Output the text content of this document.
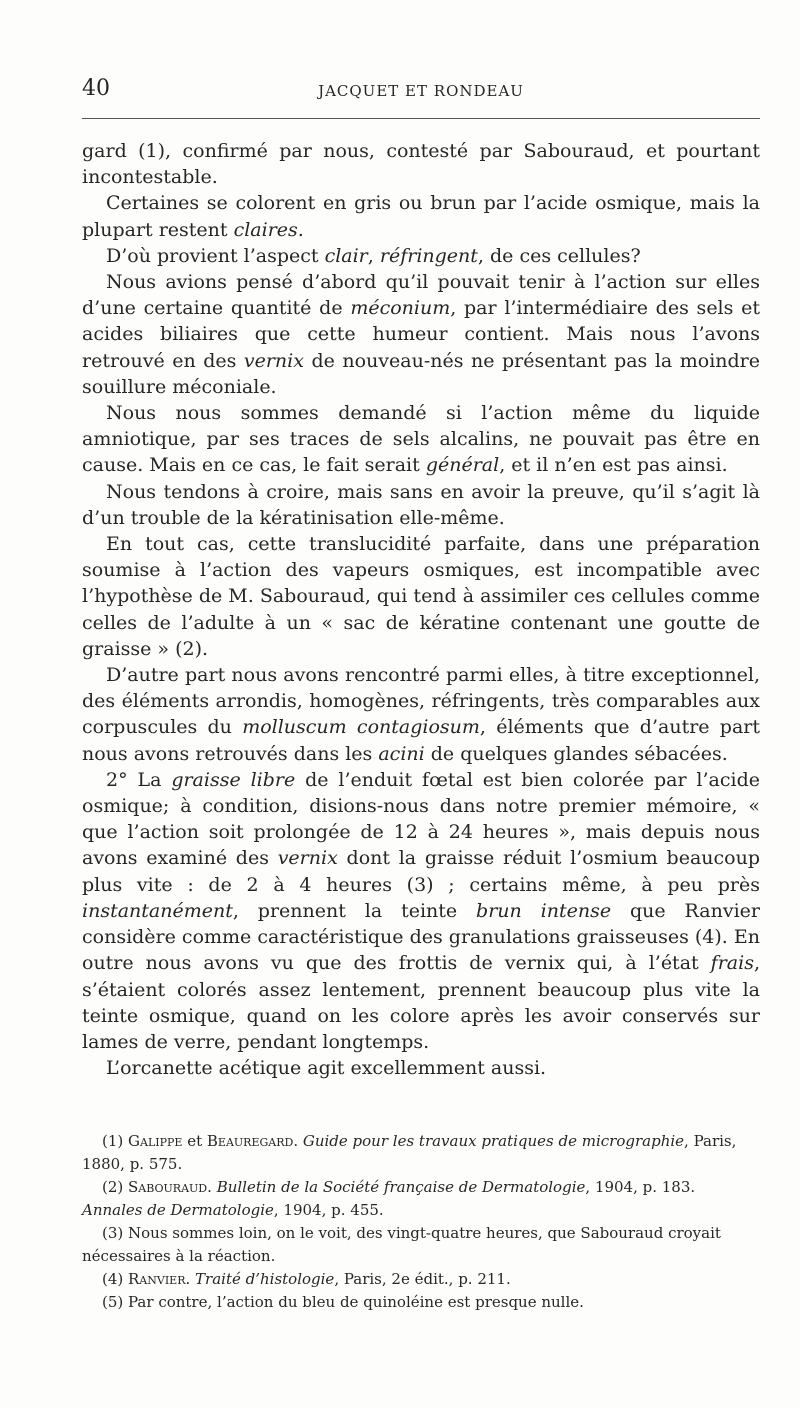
40	JACQUET ET RONDEAU

gard (1), confirmé par nous, contesté par Sabouraud, et pourtant incontestable.

Certaines se colorent en gris ou brun par l’acide osmique, mais la plupart restent claires.

D’où provient l’aspect clair, réfringent, de ces cellules?

Nous avions pensé d’abord qu’il pouvait tenir à l’action sur elles d’une certaine quantité de méconium, par l’intermédiaire des sels et acides biliaires que cette humeur contient. Mais nous l’avons retrouvé en des vernix de nouveau-nés ne présentant pas la moindre souillure méconiale.

Nous nous sommes demandé si l’action même du liquide amniotique, par ses traces de sels alcalins, ne pouvait pas être en cause. Mais en ce cas, le fait serait général, et il n’en est pas ainsi.

Nous tendons à croire, mais sans en avoir la preuve, qu’il s’agit là d’un trouble de la kératinisation elle-même.

En tout cas, cette translucidité parfaite, dans une préparation soumise à l’action des vapeurs osmiques, est incompatible avec l’hypothèse de M. Sabouraud, qui tend à assimiler ces cellules comme celles de l’adulte à un « sac de kératine contenant une goutte de graisse » (2).

D’autre part nous avons rencontré parmi elles, à titre exceptionnel, des éléments arrondis, homogènes, réfringents, très comparables aux corpuscules du molluscum contagiosum, éléments que d’autre part nous avons retrouvés dans les acini de quelques glandes sébacées.

2° La graisse libre de l’enduit fœtal est bien colorée par l’acide osmique; à condition, disions-nous dans notre premier mémoire, « que l’action soit prolongée de 12 à 24 heures », mais depuis nous avons examiné des vernix dont la graisse réduit l’osmium beaucoup plus vite : de 2 à 4 heures (3) ; certains même, à peu près instantanément, prennent la teinte brun intense que Ranvier considère comme caractéristique des granulations graisseuses (4). En outre nous avons vu que des frottis de vernix qui, à l’état frais, s’étaient colorés assez lentement, prennent beaucoup plus vite la teinte osmique, quand on les colore après les avoir conservés sur lames de verre, pendant longtemps.

L’orcanette acétique agit excellemment aussi.

(1) Galippe et Beauregard. Guide pour les travaux pratiques de micrographie, Paris, 1880, p. 575.

(2) Sabouraud. Bulletin de la Société française de Dermatologie, 1904, p. 183. Annales de Dermatologie, 1904, p. 455.

(3) Nous sommes loin, on le voit, des vingt-quatre heures, que Sabouraud croyait nécessaires à la réaction.

(4) Ranvier. Traité d’histologie, Paris, 2e édit., p. 211.

(5) Par contre, l’action du bleu de quinoléine est presque nulle.
